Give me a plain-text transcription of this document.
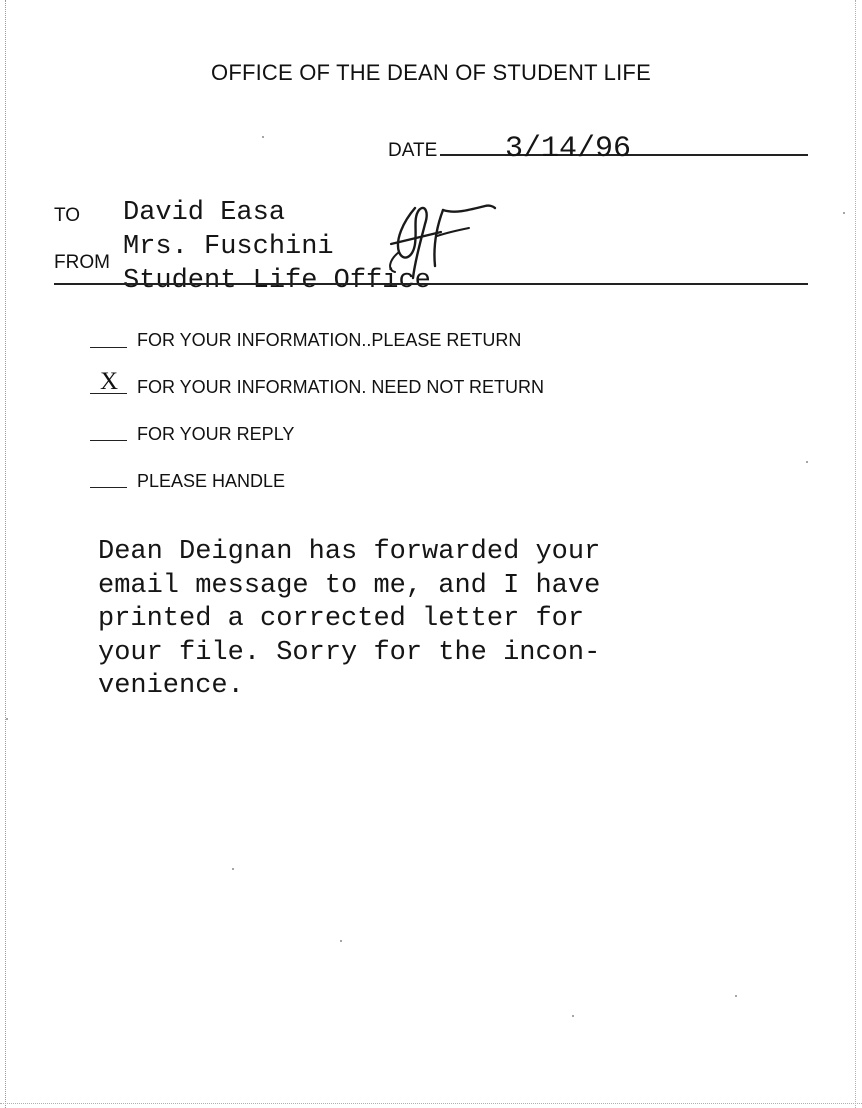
OFFICE OF THE DEAN OF STUDENT LIFE
DATE 3/14/96
TO David Easa
FROM
Mrs. Fuschini
Student Life Office
FOR YOUR INFORMATION..PLEASE RETURN
X FOR YOUR INFORMATION. NEED NOT RETURN
FOR YOUR REPLY
PLEASE HANDLE
Dean Deignan has forwarded your
email message to me, and I have
printed a corrected letter for
your file. Sorry for the incon-
venience.
